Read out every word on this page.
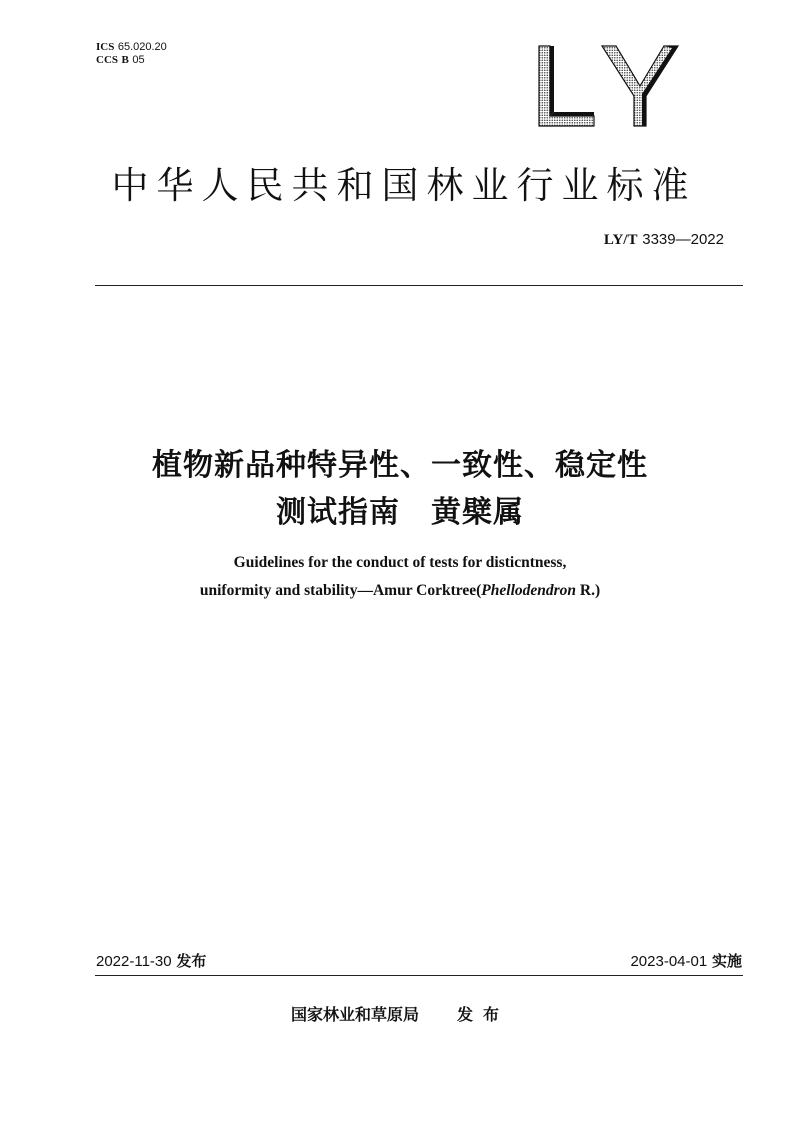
ICS 65.020.20
CCS B 05
LY
中华人民共和国林业行业标准
LY/T 3339—2022
植物新品种特异性、一致性、稳定性
测试指南　黄檗属
Guidelines for the conduct of tests for disticntness,
uniformity and stability—Amur Corktree(Phellodendron R.)
2022-11-30 发布	2023-04-01 实施
国家林业和草原局 发布
